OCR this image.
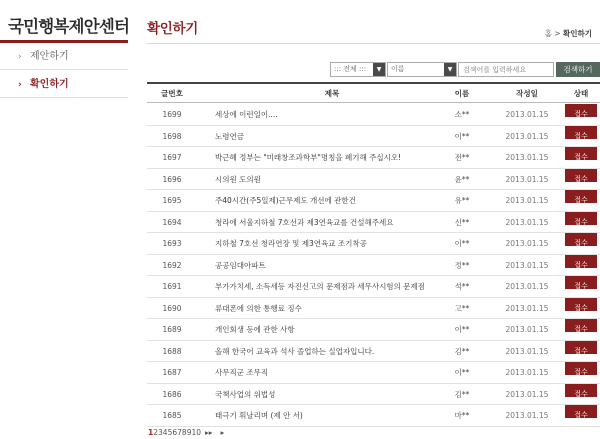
국민행복제안센터
› 제안하기
› 확인하기
확인하기	홈 > 확인하기
::: 전체 :::	▼	이름	▼
검색어를 입력하세요	검색하기
글번호	제목	이름	작성일	상태
1699	세상에 이런일이....	소**	2013.01.15	접수
1698	노령연금	이**	2013.01.15	접수
1697	박근혜 정부는 "미래창조과학부"명칭을 폐기해 주십시오!	전**	2013.01.15	접수
1696	시의원 도의원	윤**	2013.01.15	접수
1695	주40시간(주5일제)근무제도 개선에 관한건	유**	2013.01.15	접수
1694	청라에 서울지하철 7호선과 제3연육교를 건설해주세요	신**	2013.01.15	접수
1693	지하철 7호선 청라연장 및 제3연육교 조기착공	이**	2013.01.15	접수
1692	공공임대아파트	정**	2013.01.15	접수
1691	부가가치세, 소득세등 자진신고의 문제점과 세무사시험의 문제점	석**	2013.01.15	접수
1690	류대폰에 의한 통행료 징수	고**	2013.01.15	접수
1689	개인회생 등에 관한 사항	이**	2013.01.15	접수
1688	올해 한국어 교육과 석사 졸업하는 실업자입니다.	김**	2013.01.15	접수
1687	사무직군 조무직	이**	2013.01.15	접수
1686	국책사업의 위법성	김**	2013.01.15	접수
1685	태극기 휘날리며 (제 안 서)	마**	2013.01.15	접수
12345678910 ▸▸ ▸
